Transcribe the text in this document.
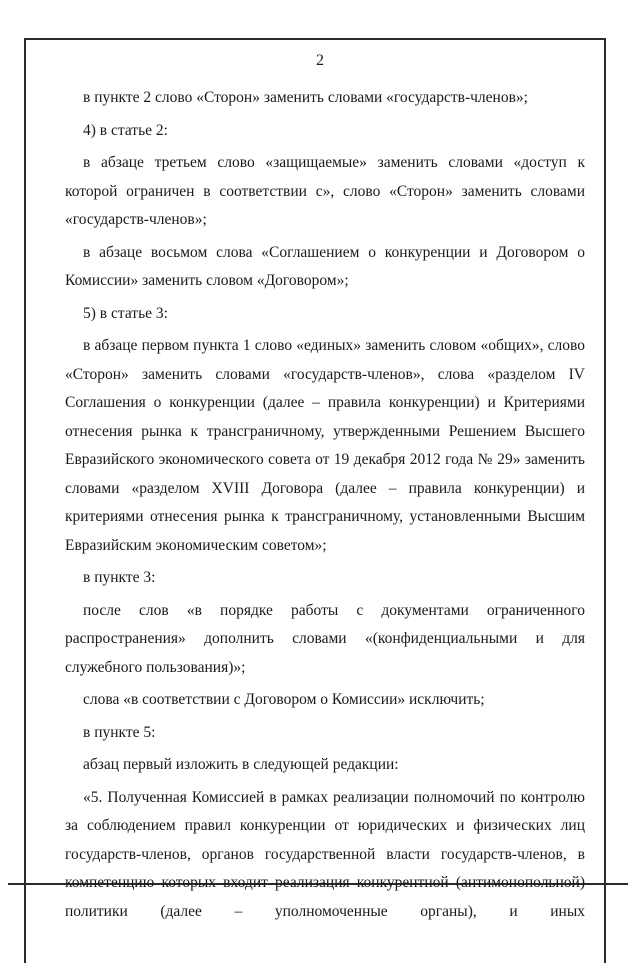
2

в пункте 2 слово «Сторон» заменить словами «государств-членов»;

4) в статье 2:

в абзаце третьем слово «защищаемые» заменить словами «доступ к которой ограничен в соответствии с», слово «Сторон» заменить словами «государств-членов»;

в абзаце восьмом слова «Соглашением о конкуренции и Договором о Комиссии» заменить словом «Договором»;

5) в статье 3:

в абзаце первом пункта 1 слово «единых» заменить словом «общих», слово «Сторон» заменить словами «государств-членов», слова «разделом IV Соглашения о конкуренции (далее – правила конкуренции) и Критериями отнесения рынка к трансграничному, утвержденными Решением Высшего Евразийского экономического совета от 19 декабря 2012 года № 29» заменить словами «разделом XVIII Договора (далее – правила конкуренции) и критериями отнесения рынка к трансграничному, установленными Высшим Евразийским экономическим советом»;

в пункте 3:

после слов «в порядке работы с документами ограниченного распространения» дополнить словами «(конфиденциальными и для служебного пользования)»;

слова «в соответствии с Договором о Комиссии» исключить;

в пункте 5:

абзац первый изложить в следующей редакции:

«5. Полученная Комиссией в рамках реализации полномочий по контролю за соблюдением правил конкуренции от юридических и физических лиц государств-членов, органов государственной власти государств-членов, в компетенцию которых входит реализация конкурентной (антимонопольной) политики (далее – уполномоченные органы), и иных
